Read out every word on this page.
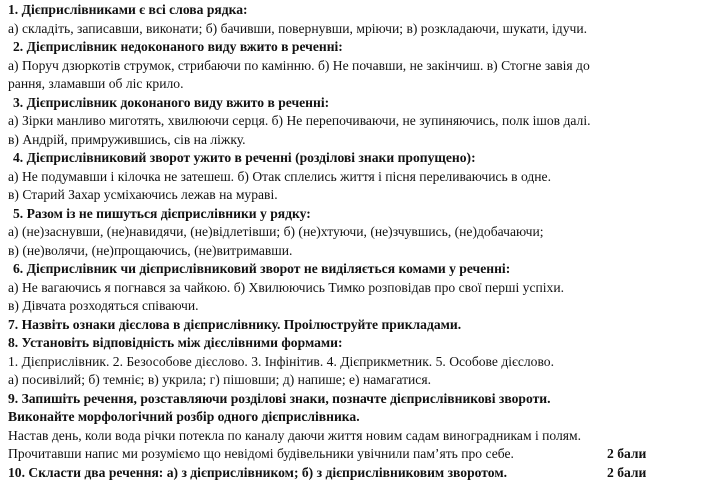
1. Дієприслівниками є всі слова рядка:
а) складіть, записавши, виконати; б) бачивши, повернувши, мріючи; в) розкладаючи, шукати, ідучи.
2. Дієприслівник недоконаного виду вжито в реченні:
а) Поруч дзюркотів струмок, стрибаючи по камінню. б) Не почавши, не закінчиш. в) Стогне завія до
рання, зламавши об ліс крило.
3. Дієприслівник доконаного виду вжито в реченні:
а) Зірки манливо миготять, хвилюючи серця. б) Не перепочиваючи, не зупиняючись, полк ішов далі.
в) Андрій, примружившись, сів на ліжку.
4. Дієприслівниковий зворот ужито в реченні (розділові знаки пропущено):
а) Не подумавши і кілочка не затешеш. б) Отак сплелись життя і пісня переливаючись в одне.
в) Старий Захар усміхаючись лежав на мураві.
5. Разом із не пишуться дієприслівники у рядку:
а) (не)заснувши, (не)навидячи, (не)відлетівши; б) (не)хтуючи, (не)зчувшись, (не)добачаючи;
в) (не)волячи, (не)прощаючись, (не)витримавши.
6. Дієприслівник чи дієприслівниковий зворот не виділяється комами у реченні:
а) Не вагаючись я погнався за чайкою. б) Хвилюючись Тимко розповідав про свої перші успіхи.
в) Дівчата розходяться співаючи.
7. Назвіть ознаки дієслова в дієприслівнику. Проілюструйте прикладами.
8. Установіть відповідність між дієслівними формами:
1. Дієприслівник. 2. Безособове дієслово. 3. Інфінітив. 4. Дієприкметник. 5. Особове дієслово.
а) посивілий; б) темніє; в) укрила; г) пішовши; д) напише; е) намагатися.
9. Запишіть речення, розставляючи розділові знаки, позначте дієприслівникові звороти.
Виконайте морфологічний розбір одного дієприслівника.
Настав день, коли вода річки потекла по каналу даючи життя новим садам виноградникам і полям.
Прочитавши напис ми розуміємо що невідомі будівельники увічнили пам’ять про себе.	2 бали
10. Скласти два речення: а) з дієприслівником; б) з дієприслівниковим зворотом.	2 бали
